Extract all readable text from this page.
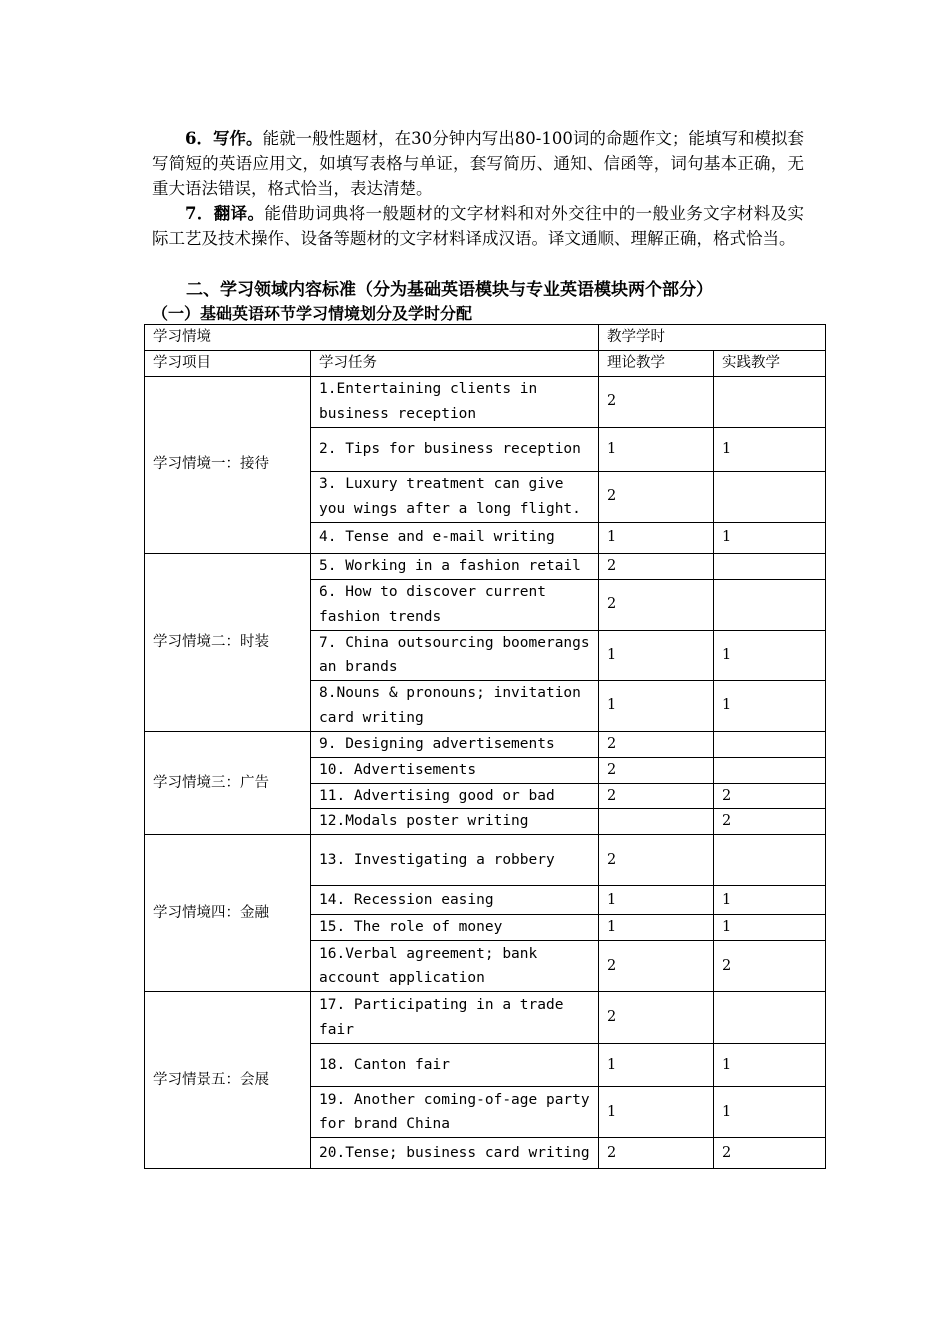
6．写作。能就一般性题材，在30分钟内写出80-100词的命题作文；能填写和模拟套写简短的英语应用文，如填写表格与单证，套写简历、通知、信函等，词句基本正确，无重大语法错误，格式恰当，表达清楚。

7．翻译。能借助词典将一般题材的文字材料和对外交往中的一般业务文字材料及实际工艺及技术操作、设备等题材的文字材料译成汉语。译文通顺、理解正确，格式恰当。

二、学习领域内容标准（分为基础英语模块与专业英语模块两个部分）

（一）基础英语环节学习情境划分及学时分配

学习情境		教学学时	
学习项目	学习任务	理论教学	实践教学
学习情境一：接待	1.Entertaining clients in business reception	2	
	2. Tips for business reception	1	1
	3. Luxury treatment can give you wings after a long flight.	2	
	4. Tense and e-mail writing	1	1
学习情境二：时装	5. Working in a fashion retail	2	
	6. How to discover current fashion trends	2	
	7. China outsourcing boomerangs an brands	1	1
	8.Nouns & pronouns; invitation card writing	1	1
学习情境三：广告	9. Designing advertisements	2	
	10. Advertisements	2	
	11. Advertising good or bad	2	2
	12.Modals poster writing		2
学习情境四：金融	13. Investigating a robbery	2	
	14. Recession easing	1	1
	15. The role of money	1	1
	16.Verbal agreement; bank account application	2	2
学习情景五：会展	17. Participating in a trade fair	2	
	18. Canton fair	1	1
	19. Another coming-of-age party for brand China	1	1
	20.Tense; business card writing	2	2
